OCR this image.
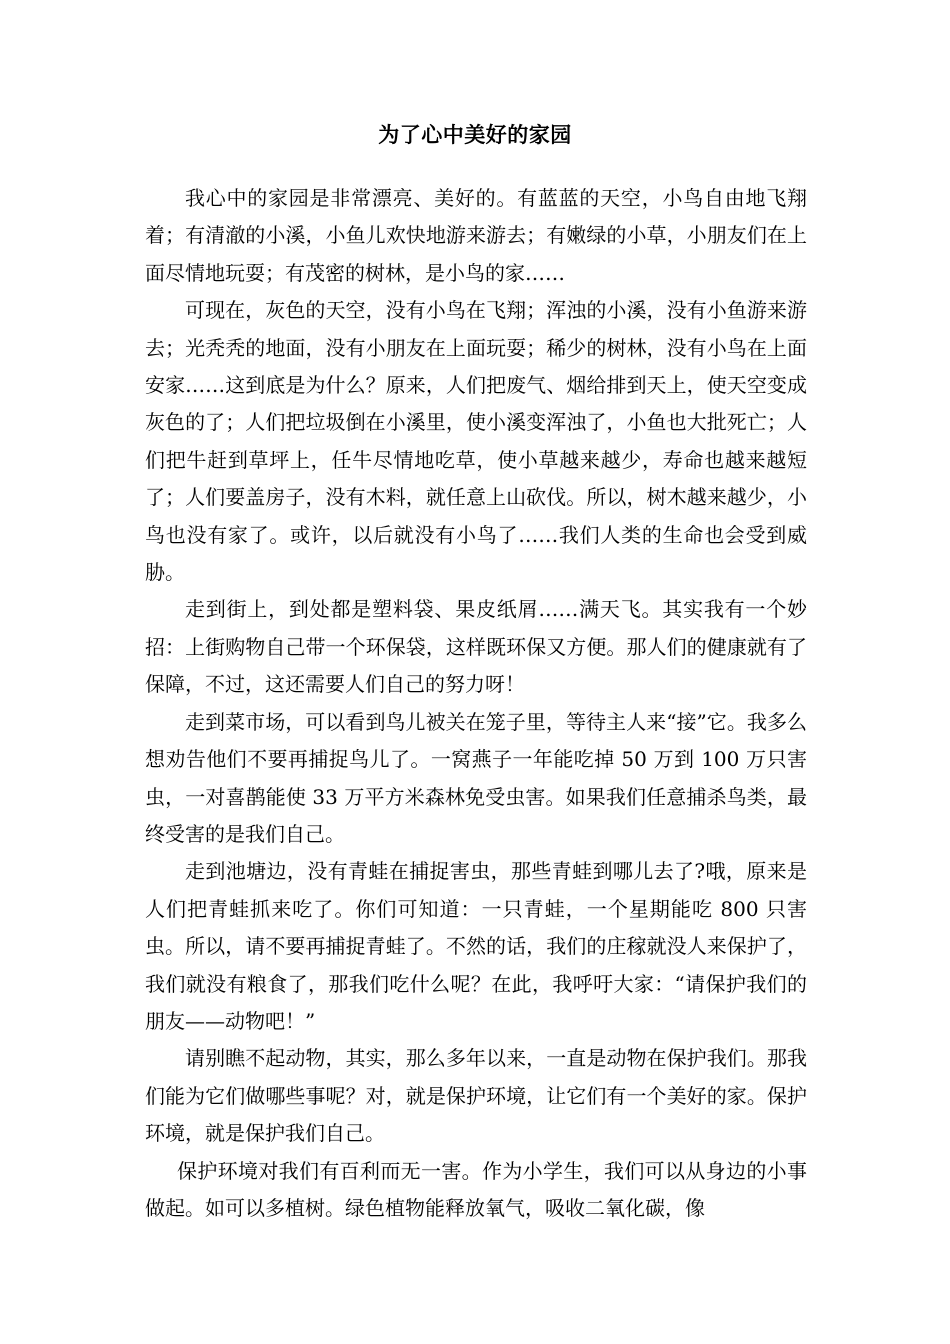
为了心中美好的家园

我心中的家园是非常漂亮、美好的。有蓝蓝的天空，小鸟自由地飞翔着；有清澈的小溪，小鱼儿欢快地游来游去；有嫩绿的小草，小朋友们在上面尽情地玩耍；有茂密的树林，是小鸟的家……

可现在，灰色的天空，没有小鸟在飞翔；浑浊的小溪，没有小鱼游来游去；光秃秃的地面，没有小朋友在上面玩耍；稀少的树林，没有小鸟在上面安家……这到底是为什么？原来，人们把废气、烟给排到天上，使天空变成灰色的了；人们把垃圾倒在小溪里，使小溪变浑浊了，小鱼也大批死亡；人们把牛赶到草坪上，任牛尽情地吃草，使小草越来越少，寿命也越来越短了；人们要盖房子，没有木料，就任意上山砍伐。所以，树木越来越少，小鸟也没有家了。或许，以后就没有小鸟了……我们人类的生命也会受到威胁。

走到街上，到处都是塑料袋、果皮纸屑……满天飞。其实我有一个妙招：上街购物自己带一个环保袋，这样既环保又方便。那人们的健康就有了保障，不过，这还需要人们自己的努力呀！

走到菜市场，可以看到鸟儿被关在笼子里，等待主人来“接”它。我多么想劝告他们不要再捕捉鸟儿了。一窝燕子一年能吃掉 50 万到 100 万只害虫，一对喜鹊能使 33 万平方米森林免受虫害。如果我们任意捕杀鸟类，最终受害的是我们自己。

走到池塘边，没有青蛙在捕捉害虫，那些青蛙到哪儿去了?哦，原来是人们把青蛙抓来吃了。你们可知道：一只青蛙，一个星期能吃 800 只害虫。所以，请不要再捕捉青蛙了。不然的话，我们的庄稼就没人来保护了，我们就没有粮食了，那我们吃什么呢？在此，我呼吁大家：“请保护我们的朋友——动物吧！”

请别瞧不起动物，其实，那么多年以来，一直是动物在保护我们。那我们能为它们做哪些事呢？对，就是保护环境，让它们有一个美好的家。保护环境，就是保护我们自己。

保护环境对我们有百利而无一害。作为小学生，我们可以从身边的小事做起。如可以多植树。绿色植物能释放氧气，吸收二氧化碳，像
